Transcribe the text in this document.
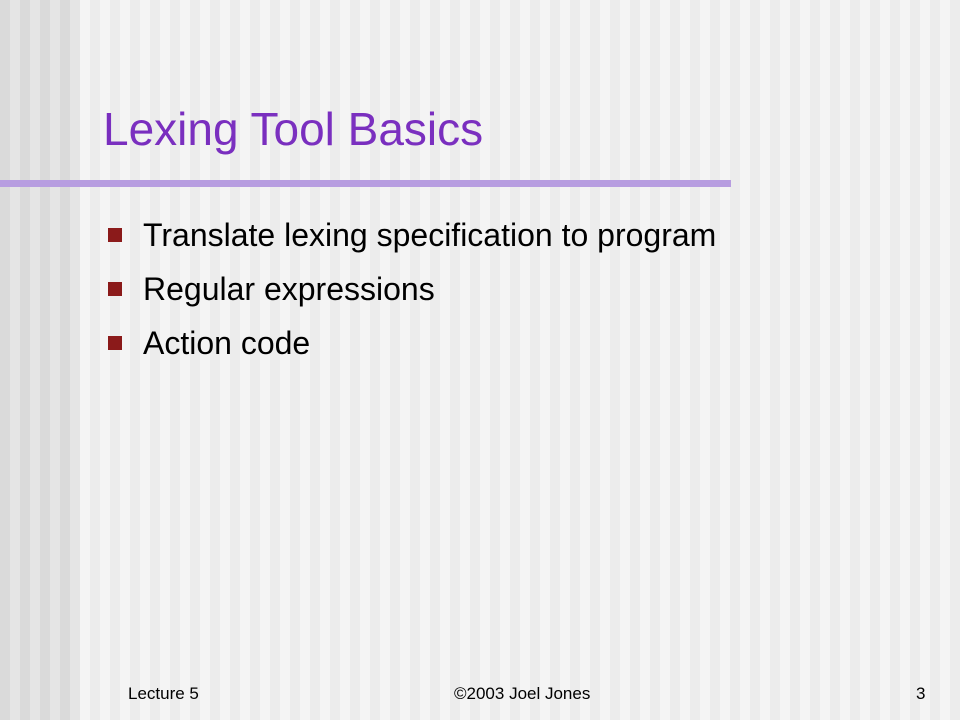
Lexing Tool Basics
Translate lexing specification to program
Regular expressions
Action code
Lecture 5	©2003 Joel Jones	3
